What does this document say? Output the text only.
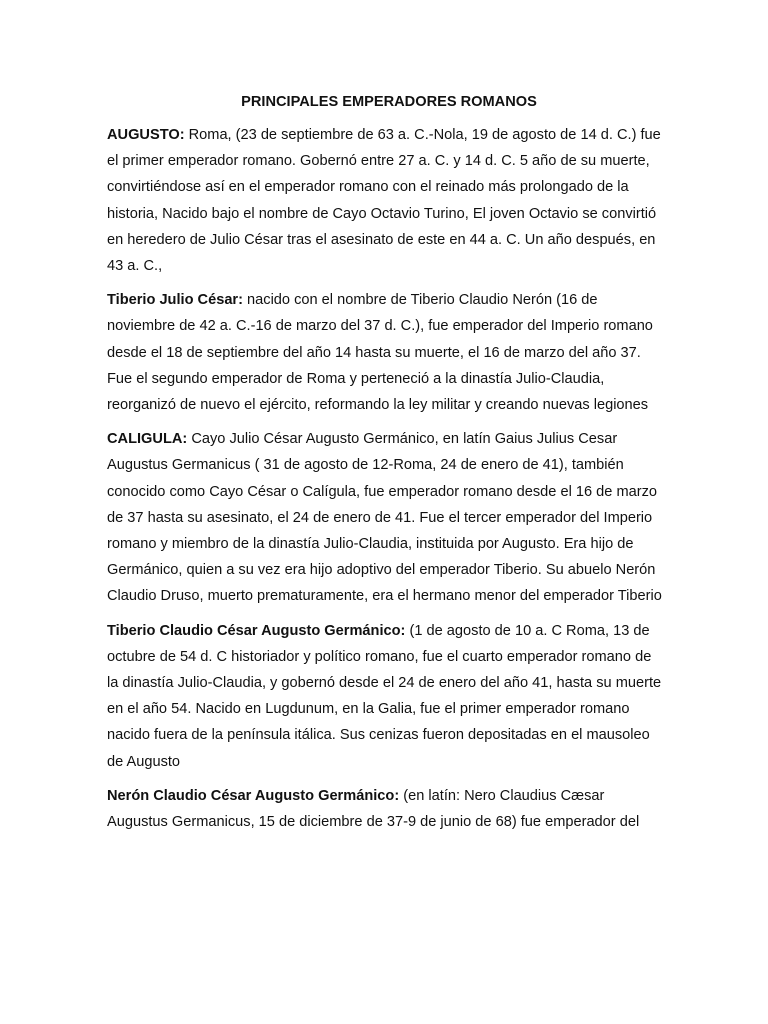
PRINCIPALES EMPERADORES ROMANOS

AUGUSTO: Roma, (23 de septiembre de 63 a. C.-Nola, 19 de agosto de 14 d. C.) fue el primer emperador romano. Gobernó entre 27 a. C. y 14 d. C. 5 año de su muerte, convirtiéndose así en el emperador romano con el reinado más prolongado de la historia, Nacido bajo el nombre de Cayo Octavio Turino, El joven Octavio se convirtió en heredero de Julio César tras el asesinato de este en 44 a. C. Un año después, en 43 a. C.,

Tiberio Julio César: nacido con el nombre de Tiberio Claudio Nerón (16 de noviembre de 42 a. C.-16 de marzo del 37 d. C.), fue emperador del Imperio romano desde el 18 de septiembre del año 14 hasta su muerte, el 16 de marzo del año 37. Fue el segundo emperador de Roma y perteneció a la dinastía Julio-Claudia, reorganizó de nuevo el ejército, reformando la ley militar y creando nuevas legiones

CALIGULA: Cayo Julio César Augusto Germánico, en latín Gaius Julius Cesar Augustus Germanicus ( 31 de agosto de 12-Roma, 24 de enero de 41), también conocido como Cayo César o Calígula, fue emperador romano desde el 16 de marzo de 37 hasta su asesinato, el 24 de enero de 41. Fue el tercer emperador del Imperio romano y miembro de la dinastía Julio-Claudia, instituida por Augusto. Era hijo de Germánico, quien a su vez era hijo adoptivo del emperador Tiberio. Su abuelo Nerón Claudio Druso, muerto prematuramente, era el hermano menor del emperador Tiberio

Tiberio Claudio César Augusto Germánico: (1 de agosto de 10 a. C Roma, 13 de octubre de 54 d. C historiador y político romano, fue el cuarto emperador romano de la dinastía Julio-Claudia, y gobernó desde el 24 de enero del año 41, hasta su muerte en el año 54. Nacido en Lugdunum, en la Galia, fue el primer emperador romano nacido fuera de la península itálica. Sus cenizas fueron depositadas en el mausoleo de Augusto

Nerón Claudio César Augusto Germánico: (en latín: Nero Claudius Cæsar Augustus Germanicus, 15 de diciembre de 37-9 de junio de 68) fue emperador del
